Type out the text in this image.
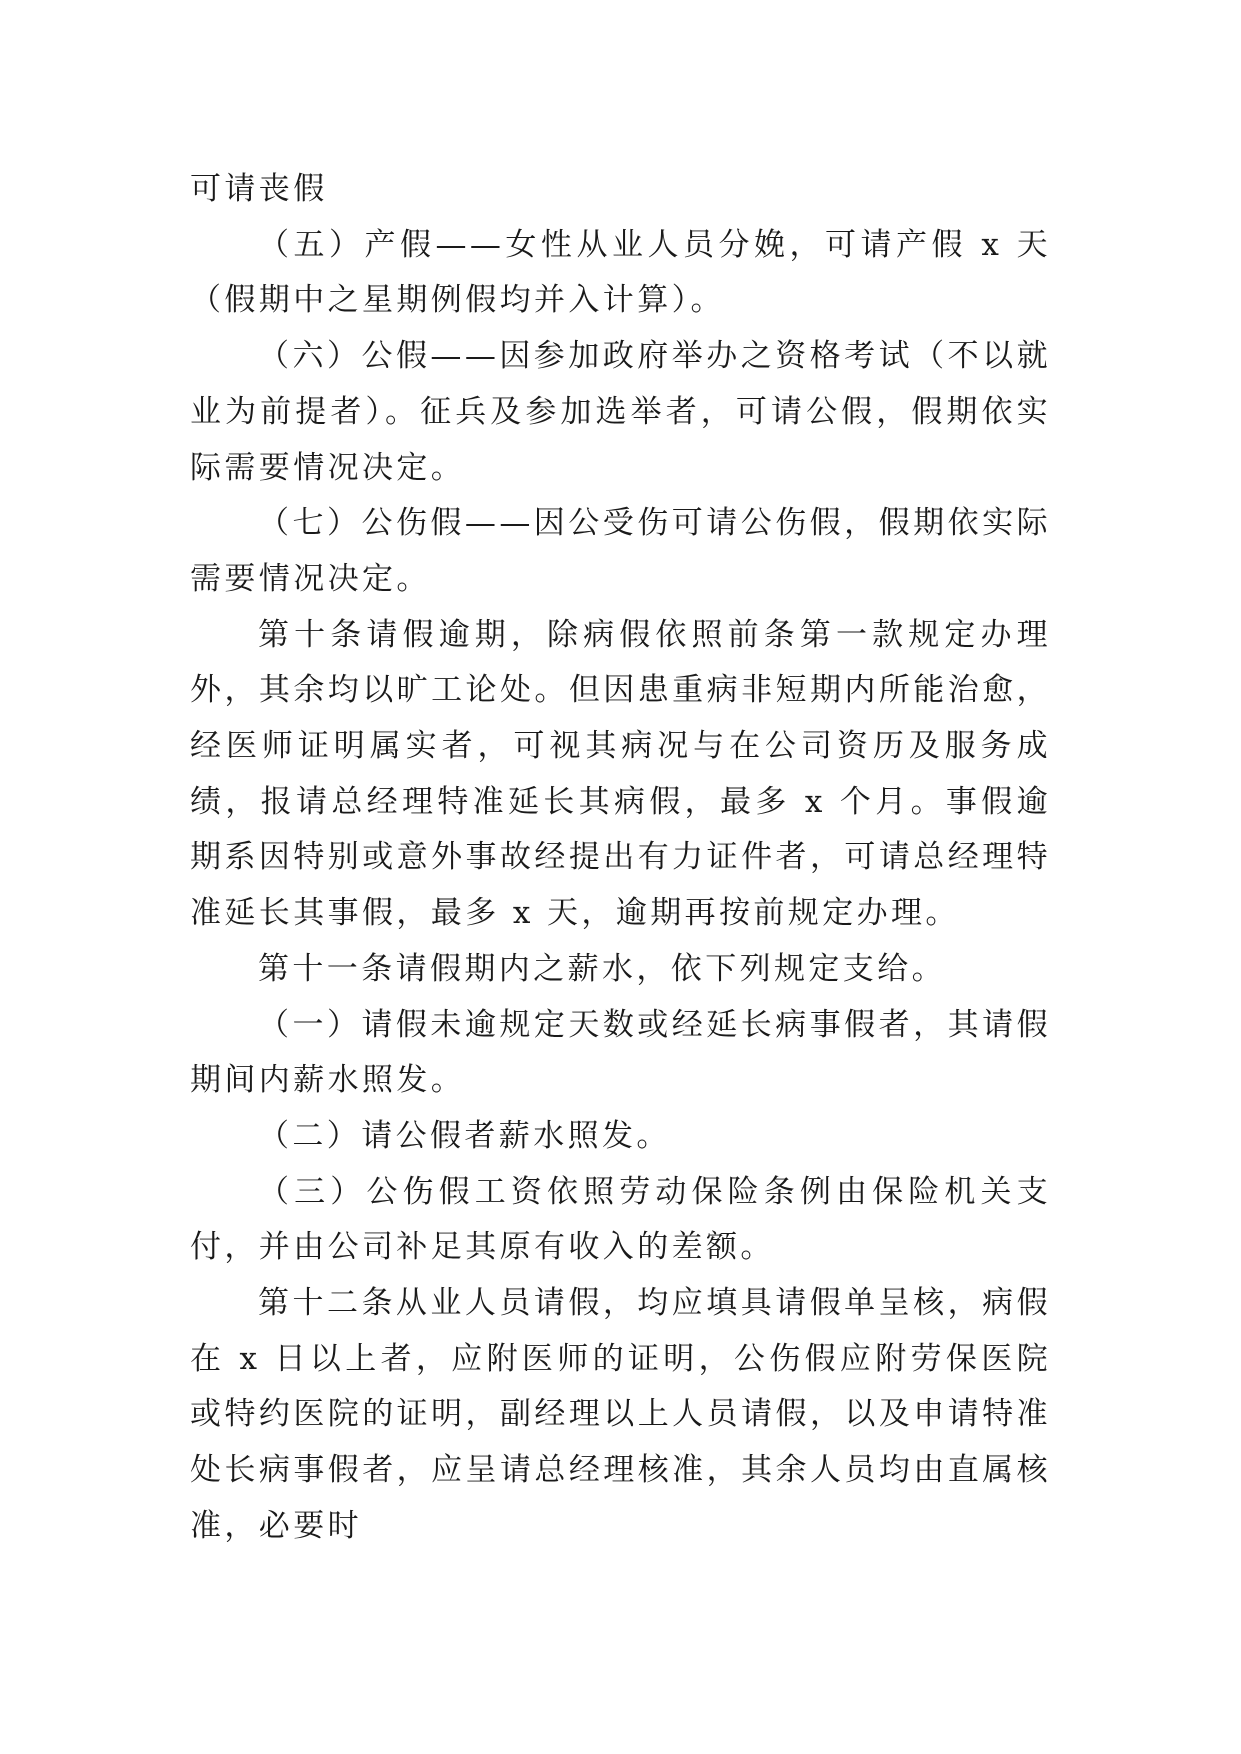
可请丧假

（五）产假——女性从业人员分娩，可请产假 x 天（假期中之星期例假均并入计算）。

（六）公假——因参加政府举办之资格考试（不以就业为前提者）。征兵及参加选举者，可请公假，假期依实际需要情况决定。

（七）公伤假——因公受伤可请公伤假，假期依实际需要情况决定。

第十条请假逾期，除病假依照前条第一款规定办理外，其余均以旷工论处。但因患重病非短期内所能治愈，经医师证明属实者，可视其病况与在公司资历及服务成绩，报请总经理特准延长其病假，最多 x 个月。事假逾期系因特别或意外事故经提出有力证件者，可请总经理特准延长其事假，最多 x 天，逾期再按前规定办理。

第十一条请假期内之薪水，依下列规定支给。

（一）请假未逾规定天数或经延长病事假者，其请假期间内薪水照发。

（二）请公假者薪水照发。

（三）公伤假工资依照劳动保险条例由保险机关支付，并由公司补足其原有收入的差额。

第十二条从业人员请假，均应填具请假单呈核，病假在 x 日以上者，应附医师的证明，公伤假应附劳保医院或特约医院的证明，副经理以上人员请假，以及申请特准处长病事假者，应呈请总经理核准，其余人员均由直属核准，必要时
